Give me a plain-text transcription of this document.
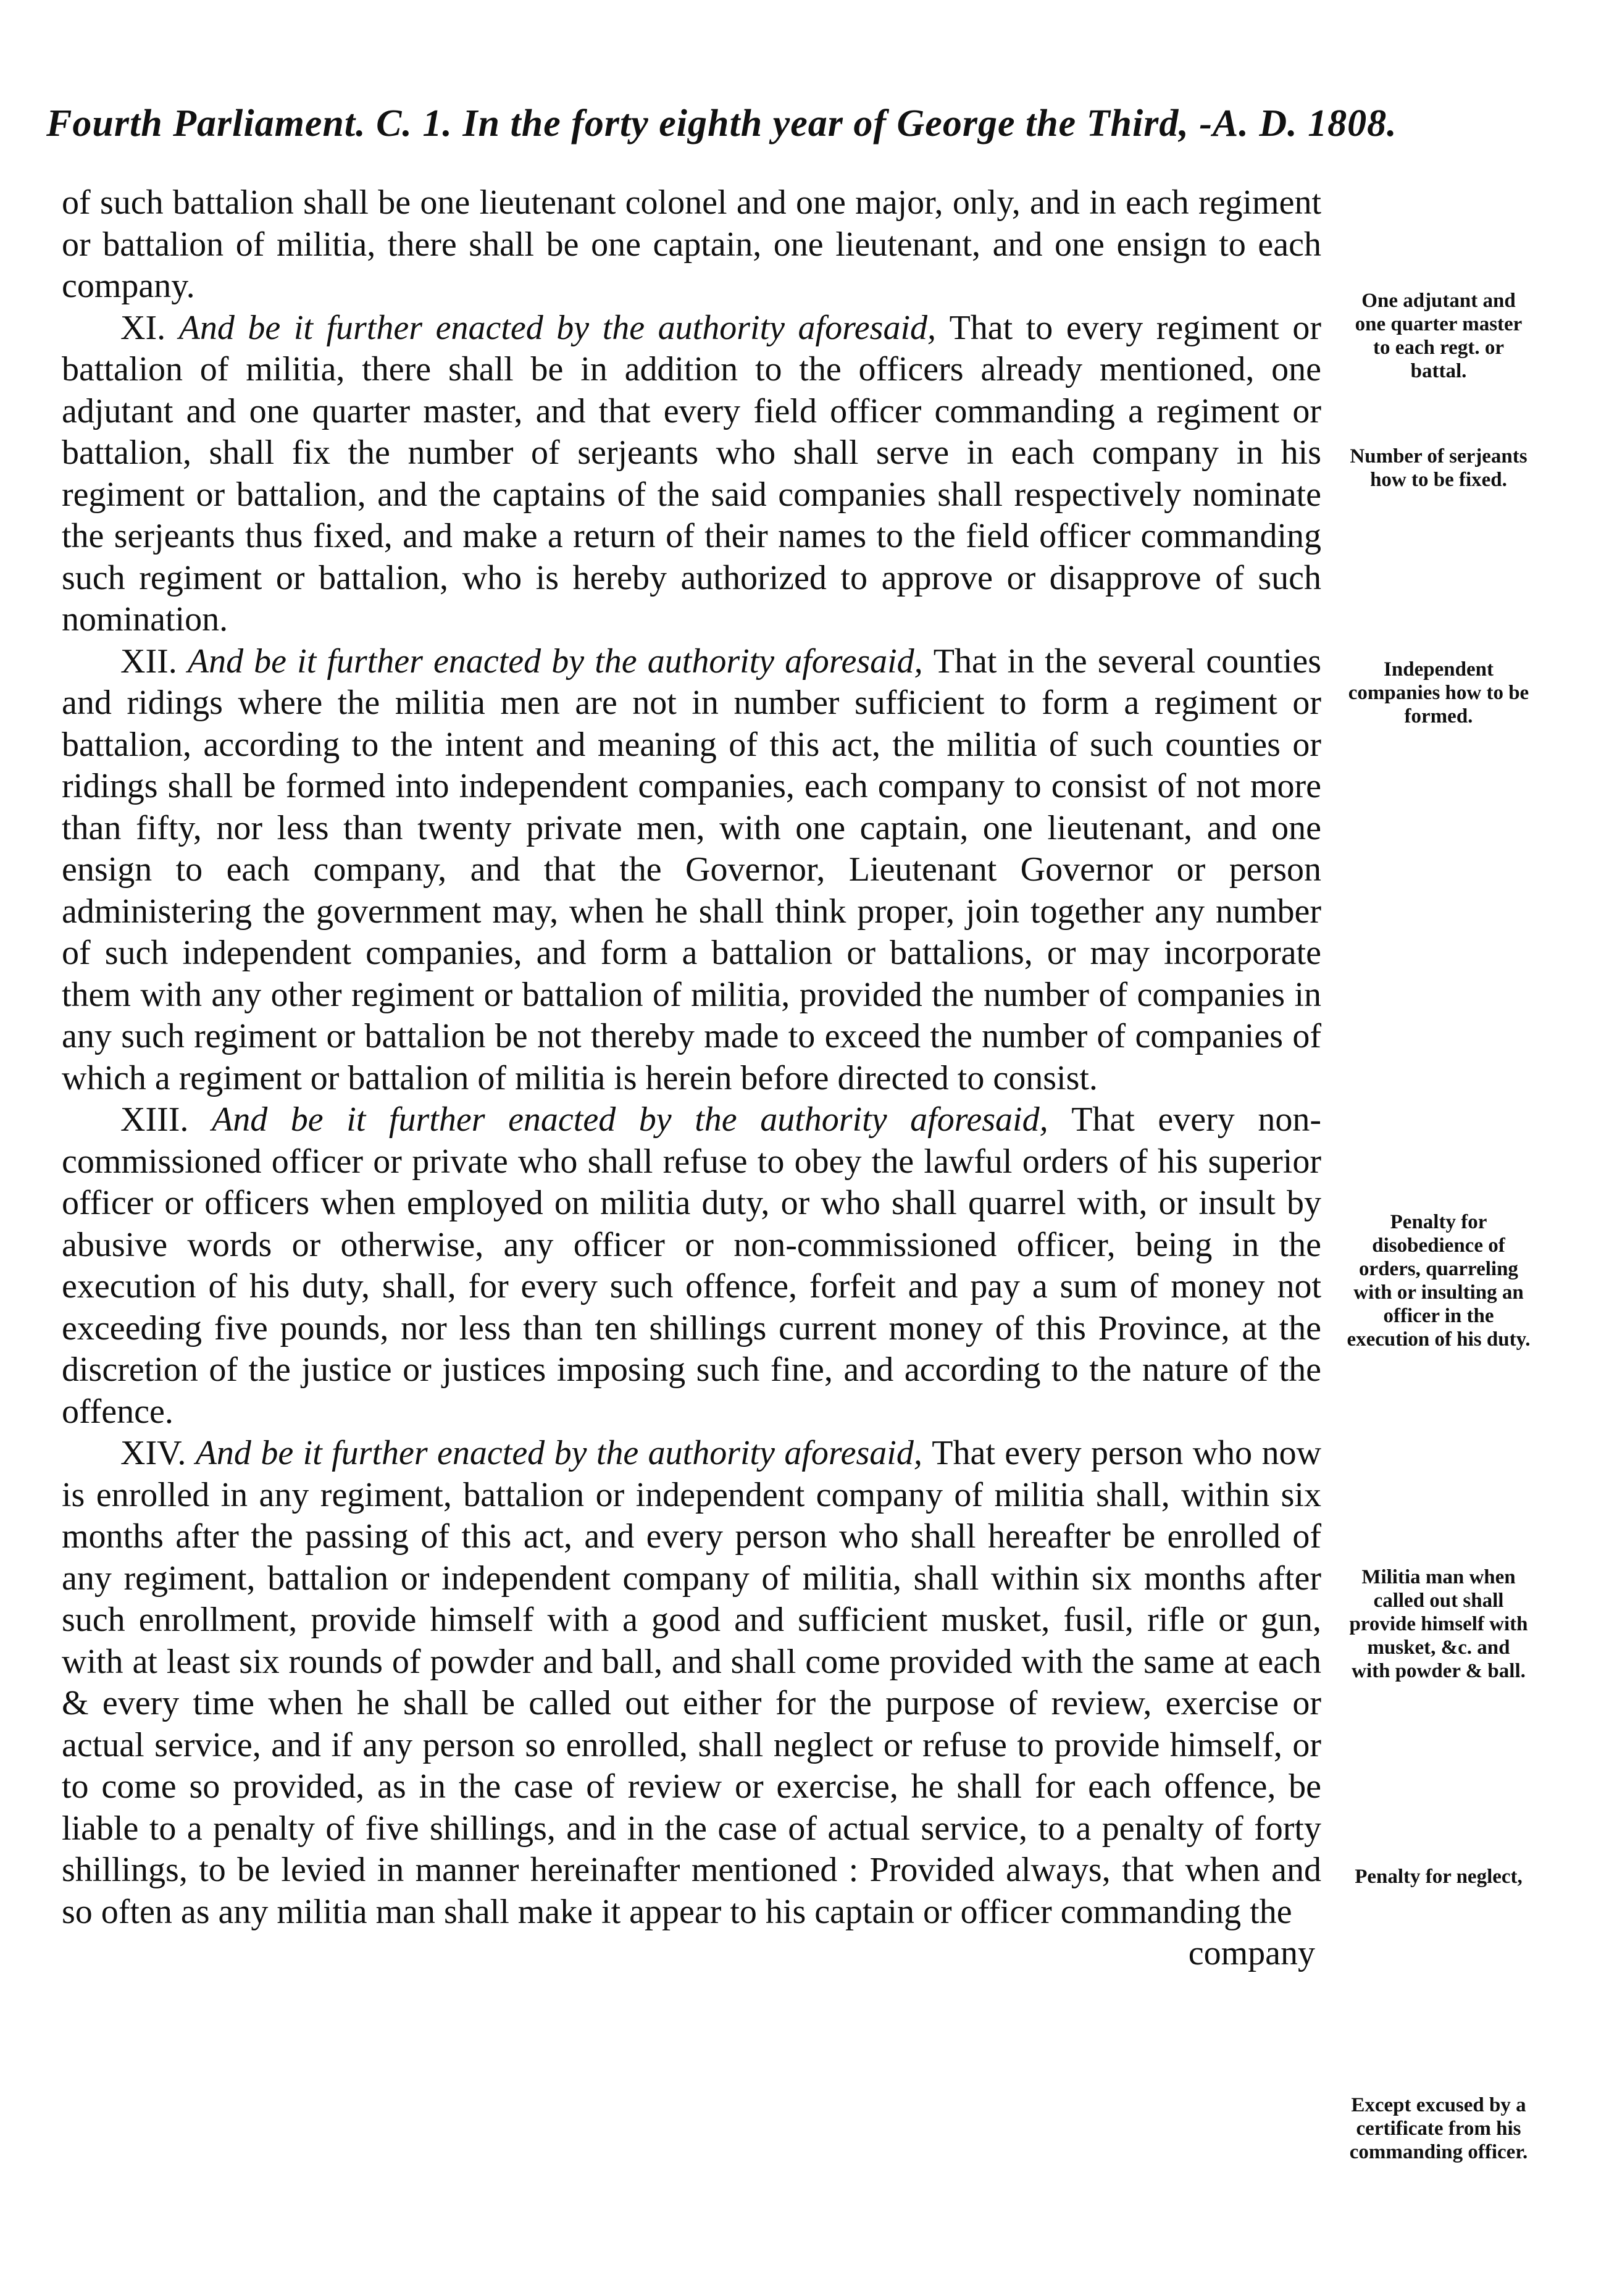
Fourth Parliament. C. 1. In the forty eighth year of George the Third, -A. D. 1808.

of such battalion shall be one lieutenant colonel and one major, only, and in each regiment or battalion of militia, there shall be one captain, one lieutenant, and one ensign to each company.

XI. And be it further enacted by the authority aforesaid, That to every regiment or battalion of militia, there shall be in addition to the officers already mentioned, one adjutant and one quarter master, and that every field officer commanding a regiment or battalion, shall fix the number of serjeants who shall serve in each company in his regiment or battalion, and the captains of the said companies shall respectively nominate the serjeants thus fixed, and make a return of their names to the field officer commanding such regiment or battalion, who is hereby authorized to approve or disapprove of such nomination.

XII. And be it further enacted by the authority aforesaid, That in the several counties and ridings where the militia men are not in number sufficient to form a regiment or battalion, according to the intent and meaning of this act, the militia of such counties or ridings shall be formed into independent companies, each company to consist of not more than fifty, nor less than twenty private men, with one captain, one lieutenant, and one ensign to each company, and that the Governor, Lieutenant Governor or person administering the government may, when he shall think proper, join together any number of such independent companies, and form a battalion or battalions, or may incorporate them with any other regiment or battalion of militia, provided the number of companies in any such regiment or battalion be not thereby made to exceed the number of companies of which a regiment or battalion of militia is herein before directed to consist.

XIII. And be it further enacted by the authority aforesaid, That every non-commissioned officer or private who shall refuse to obey the lawful orders of his superior officer or officers when employed on militia duty, or who shall quarrel with, or insult by abusive words or otherwise, any officer or non-commissioned officer, being in the execution of his duty, shall, for every such offence, forfeit and pay a sum of money not exceeding five pounds, nor less than ten shillings current money of this Province, at the discretion of the justice or justices imposing such fine, and according to the nature of the offence.

XIV. And be it further enacted by the authority aforesaid, That every person who now is enrolled in any regiment, battalion or independent company of militia shall, within six months after the passing of this act, and every person who shall hereafter be enrolled of any regiment, battalion or independent company of militia, shall within six months after such enrollment, provide himself with a good and sufficient musket, fusil, rifle or gun, with at least six rounds of powder and ball, and shall come provided with the same at each & every time when he shall be called out either for the purpose of review, exercise or actual service, and if any person so enrolled, shall neglect or refuse to provide himself, or to come so provided, as in the case of review or exercise, he shall for each offence, be liable to a penalty of five shillings, and in the case of actual service, to a penalty of forty shillings, to be levied in manner hereinafter mentioned : Provided always, that when and so often as any militia man shall make it appear to his captain or officer commanding the

company

One adjutant and one quarter master to each regt. or battal.
Number of serjeants how to be fixed.
Independent companies how to be formed.
Penalty for disobedience of orders, quarreling with or insulting an officer in the execution of his duty.
Militia man when called out shall provide himself with musket, &c. and with powder & ball.
Penalty for neglect,
Except excused by a certificate from his commanding officer.
